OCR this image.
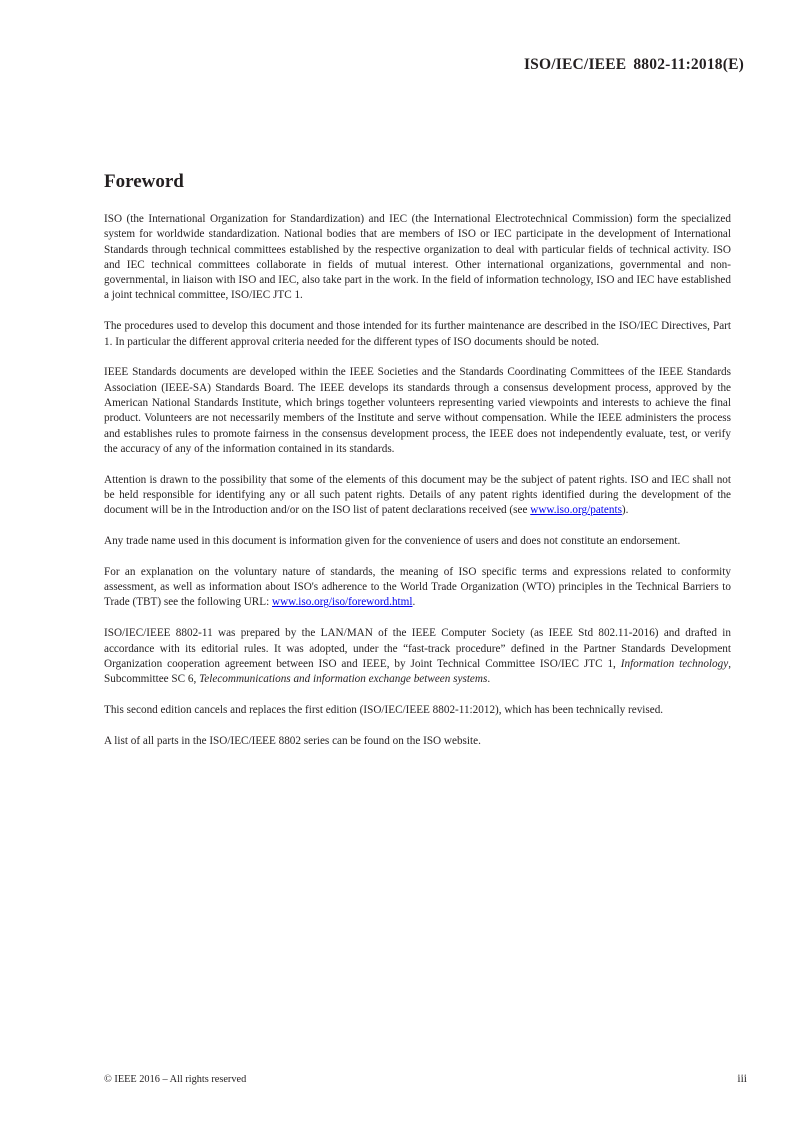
ISO/IEC/IEEE 8802-11:2018(E)
Foreword

ISO (the International Organization for Standardization) and IEC (the International Electrotechnical Commission) form the specialized system for worldwide standardization. National bodies that are members of ISO or IEC participate in the development of International Standards through technical committees established by the respective organization to deal with particular fields of technical activity. ISO and IEC technical committees collaborate in fields of mutual interest. Other international organizations, governmental and non-governmental, in liaison with ISO and IEC, also take part in the work. In the field of information technology, ISO and IEC have established a joint technical committee, ISO/IEC JTC 1.

The procedures used to develop this document and those intended for its further maintenance are described in the ISO/IEC Directives, Part 1. In particular the different approval criteria needed for the different types of ISO documents should be noted.

IEEE Standards documents are developed within the IEEE Societies and the Standards Coordinating Committees of the IEEE Standards Association (IEEE-SA) Standards Board. The IEEE develops its standards through a consensus development process, approved by the American National Standards Institute, which brings together volunteers representing varied viewpoints and interests to achieve the final product. Volunteers are not necessarily members of the Institute and serve without compensation. While the IEEE administers the process and establishes rules to promote fairness in the consensus development process, the IEEE does not independently evaluate, test, or verify the accuracy of any of the information contained in its standards.

Attention is drawn to the possibility that some of the elements of this document may be the subject of patent rights. ISO and IEC shall not be held responsible for identifying any or all such patent rights. Details of any patent rights identified during the development of the document will be in the Introduction and/or on the ISO list of patent declarations received (see www.iso.org/patents).

Any trade name used in this document is information given for the convenience of users and does not constitute an endorsement.

For an explanation on the voluntary nature of standards, the meaning of ISO specific terms and expressions related to conformity assessment, as well as information about ISO's adherence to the World Trade Organization (WTO) principles in the Technical Barriers to Trade (TBT) see the following URL: www.iso.org/iso/foreword.html.

ISO/IEC/IEEE 8802-11 was prepared by the LAN/MAN of the IEEE Computer Society (as IEEE Std 802.11-2016) and drafted in accordance with its editorial rules. It was adopted, under the “fast-track procedure” defined in the Partner Standards Development Organization cooperation agreement between ISO and IEEE, by Joint Technical Committee ISO/IEC JTC 1, Information technology, Subcommittee SC 6, Telecommunications and information exchange between systems.

This second edition cancels and replaces the first edition (ISO/IEC/IEEE 8802-11:2012), which has been technically revised.

A list of all parts in the ISO/IEC/IEEE 8802 series can be found on the ISO website.

© IEEE 2016 – All rights reserved	iii
